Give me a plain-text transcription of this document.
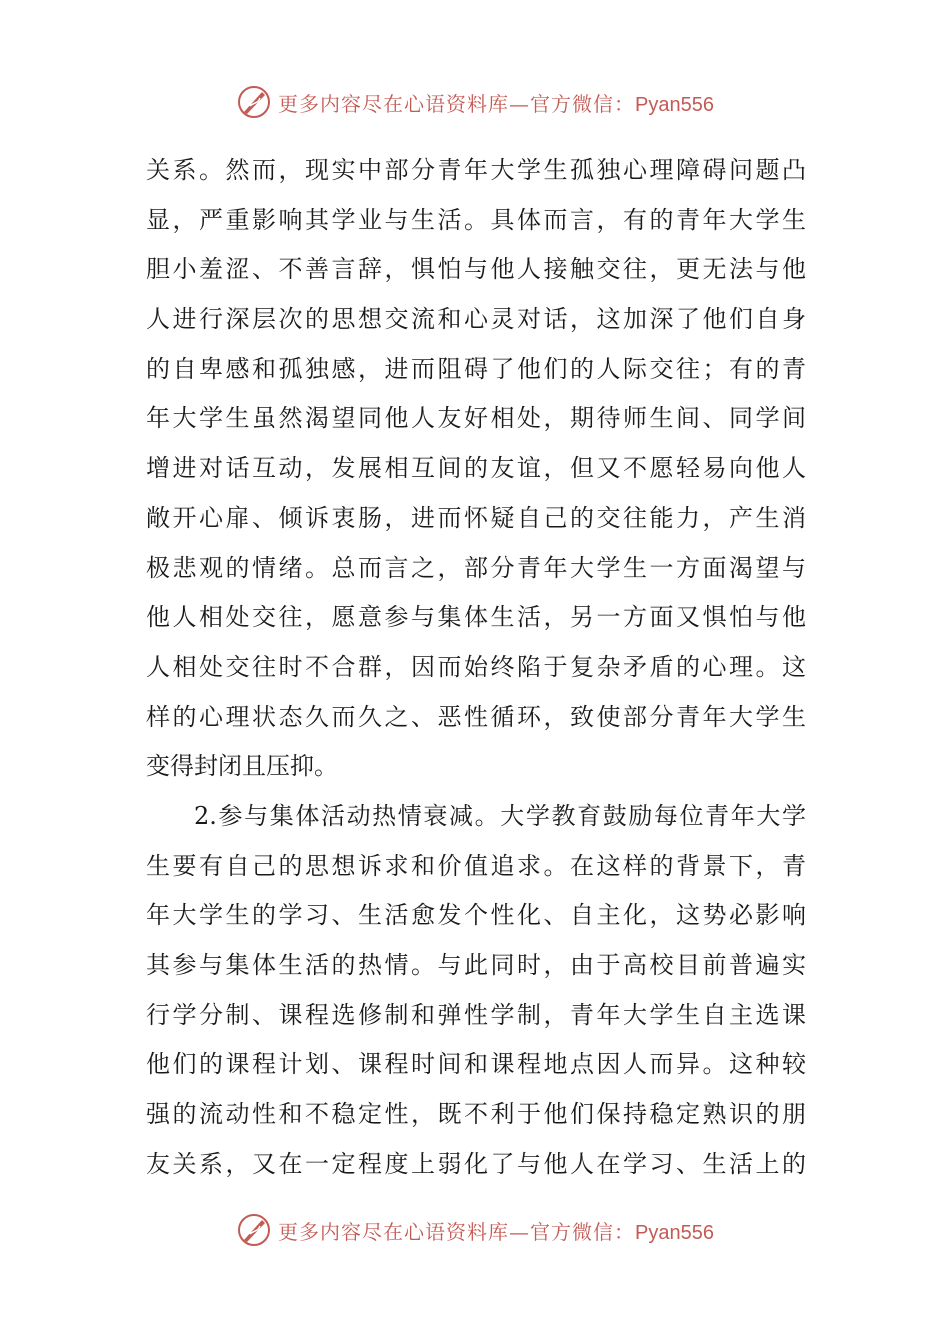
更多内容尽在心语资料库—官方微信：Pyan556
关系。然而，现实中部分青年大学生孤独心理障碍问题凸
显，严重影响其学业与生活。具体而言，有的青年大学生
胆小羞涩、不善言辞，惧怕与他人接触交往，更无法与他
人进行深层次的思想交流和心灵对话，这加深了他们自身
的自卑感和孤独感，进而阻碍了他们的人际交往；有的青
年大学生虽然渴望同他人友好相处，期待师生间、同学间
增进对话互动，发展相互间的友谊，但又不愿轻易向他人
敞开心扉、倾诉衷肠，进而怀疑自己的交往能力，产生消
极悲观的情绪。总而言之，部分青年大学生一方面渴望与
他人相处交往，愿意参与集体生活，另一方面又惧怕与他
人相处交往时不合群，因而始终陷于复杂矛盾的心理。这
样的心理状态久而久之、恶性循环，致使部分青年大学生
变得封闭且压抑。
2.参与集体活动热情衰减。大学教育鼓励每位青年大学
生要有自己的思想诉求和价值追求。在这样的背景下，青
年大学生的学习、生活愈发个性化、自主化，这势必影响
其参与集体生活的热情。与此同时，由于高校目前普遍实
行学分制、课程选修制和弹性学制，青年大学生自主选课
他们的课程计划、课程时间和课程地点因人而异。这种较
强的流动性和不稳定性，既不利于他们保持稳定熟识的朋
友关系，又在一定程度上弱化了与他人在学习、生活上的
更多内容尽在心语资料库—官方微信：Pyan556
